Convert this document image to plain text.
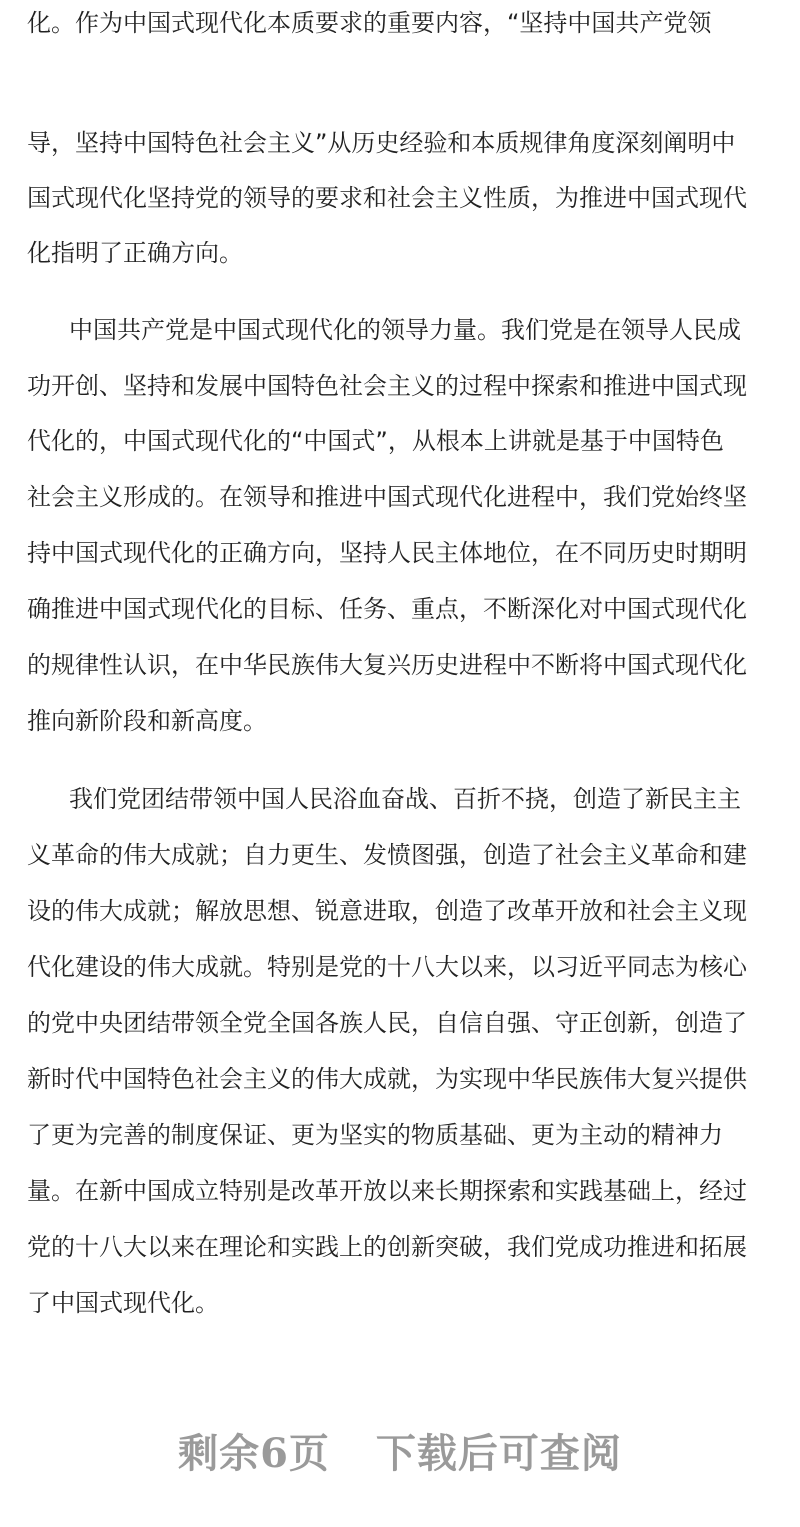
化。作为中国式现代化本质要求的重要内容，“坚持中国共产党领
导，坚持中国特色社会主义”从历史经验和本质规律角度深刻阐明中
国式现代化坚持党的领导的要求和社会主义性质，为推进中国式现代
化指明了正确方向。
中国共产党是中国式现代化的领导力量。我们党是在领导人民成
功开创、坚持和发展中国特色社会主义的过程中探索和推进中国式现
代化的，中国式现代化的“中国式”，从根本上讲就是基于中国特色
社会主义形成的。在领导和推进中国式现代化进程中，我们党始终坚
持中国式现代化的正确方向，坚持人民主体地位，在不同历史时期明
确推进中国式现代化的目标、任务、重点，不断深化对中国式现代化
的规律性认识，在中华民族伟大复兴历史进程中不断将中国式现代化
推向新阶段和新高度。
我们党团结带领中国人民浴血奋战、百折不挠，创造了新民主主
义革命的伟大成就；自力更生、发愤图强，创造了社会主义革命和建
设的伟大成就；解放思想、锐意进取，创造了改革开放和社会主义现
代化建设的伟大成就。特别是党的十八大以来，以习近平同志为核心
的党中央团结带领全党全国各族人民，自信自强、守正创新，创造了
新时代中国特色社会主义的伟大成就，为实现中华民族伟大复兴提供
了更为完善的制度保证、更为坚实的物质基础、更为主动的精神力
量。在新中国成立特别是改革开放以来长期探索和实践基础上，经过
党的十八大以来在理论和实践上的创新突破，我们党成功推进和拓展
了中国式现代化。
剩余6页 下载后可查阅
